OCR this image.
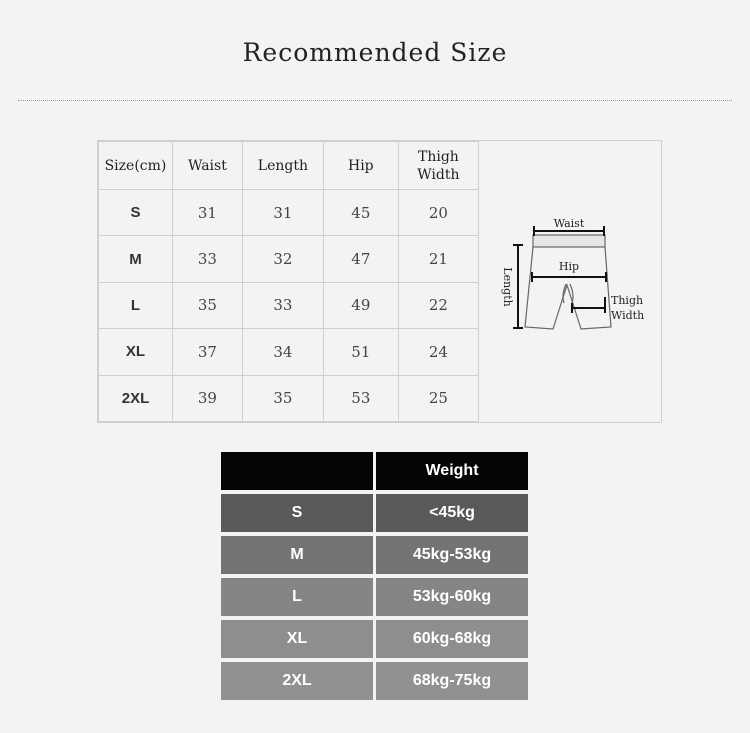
Recommended Size
Size(cm)	Waist	Length	Hip	Thigh
Width
S	31	31	45	20
M	33	32	47	21
L	35	33	49	22
XL	37	34	51	24
2XL	39	35	53	25
Waist
Hip
Length	Thigh
Width
	Weight
S	<45kg
M	45kg-53kg
L	53kg-60kg
XL	60kg-68kg
2XL	68kg-75kg
